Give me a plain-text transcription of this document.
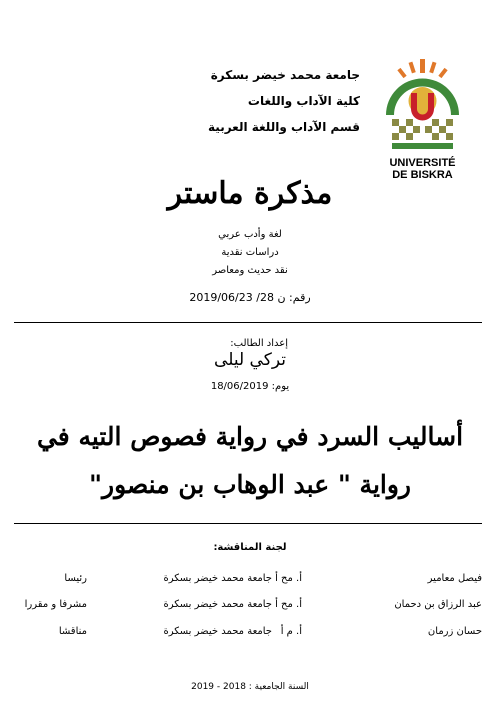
جامعة محمد خيضر بسكرة
كلية الآداب واللغات
قسم الآداب واللغة العربية
UNIVERSITÉ
DE BISKRA
مذكرة ماستر
لغة وأدب عربي
دراسات نقدية
نقد حديث ومعاصر
رقم: ن 28/ 2019/06/23
إعداد الطالب:
تركي ليلى
يوم: 18/06/2019
أساليب السرد في رواية فصوص التيه في
رواية " عبد الوهاب بن منصور"
لجنة المناقشة:
فيصل معامير
أ. مح أ
جامعة محمد خيضر بسكرة
رئيسا
عبد الرزاق بن دحمان
أ. مح أ
جامعة محمد خيضر بسكرة
مشرفا و مقررا
حسان زرمان
أ. م أ
جامعة محمد خيضر بسكرة
مناقشا
السنة الجامعية : 2018 - 2019
